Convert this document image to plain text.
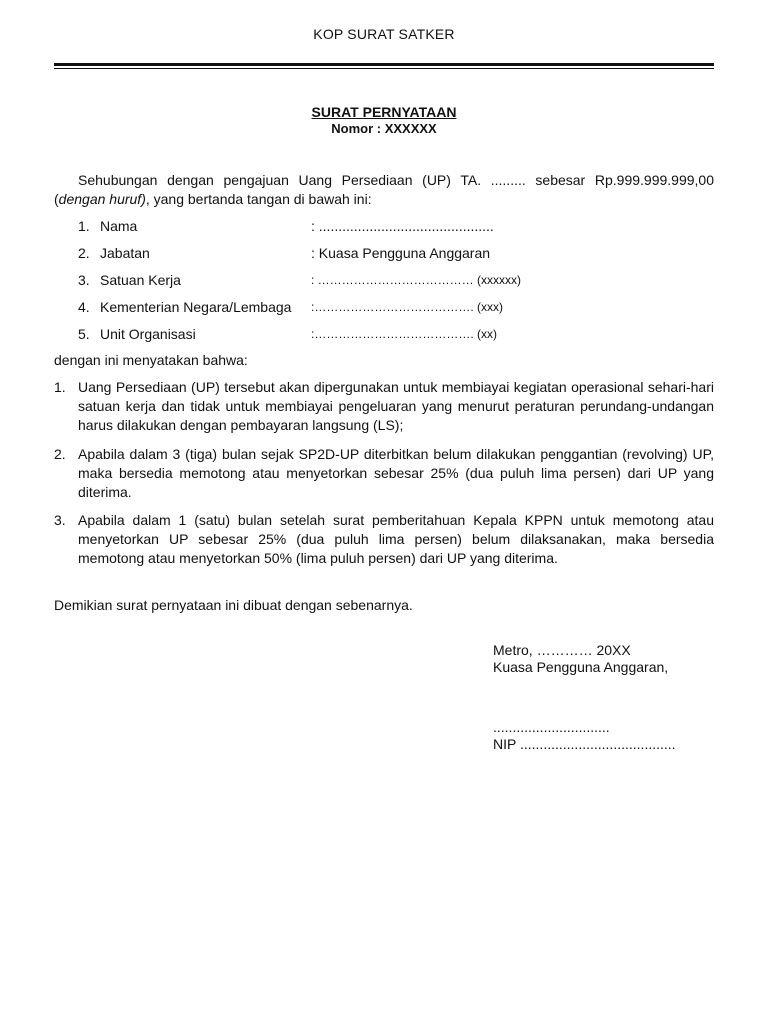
KOP SURAT SATKER
SURAT PERNYATAAN
Nomor : XXXXXX
Sehubungan dengan pengajuan Uang Persediaan (UP) TA. ......... sebesar Rp.999.999.999,00 (dengan huruf), yang bertanda tangan di bawah ini:
1. Nama	: .............................................
2. Jabatan	: Kuasa Pengguna Anggaran
3. Satuan Kerja	: ………………………………… (xxxxxx)
4. Kementerian Negara/Lembaga :…………………………………. (xxx)
5. Unit Organisasi	:…………………………………. (xx)
dengan ini menyatakan bahwa:
1. Uang Persediaan (UP) tersebut akan dipergunakan untuk membiayai kegiatan operasional sehari-hari satuan kerja dan tidak untuk membiayai pengeluaran yang menurut peraturan perundang-undangan harus dilakukan dengan pembayaran langsung (LS);
2. Apabila dalam 3 (tiga) bulan sejak SP2D-UP diterbitkan belum dilakukan penggantian (revolving) UP, maka bersedia memotong atau menyetorkan sebesar 25% (dua puluh lima persen) dari UP yang diterima.
3. Apabila dalam 1 (satu) bulan setelah surat pemberitahuan Kepala KPPN untuk memotong atau menyetorkan UP sebesar 25% (dua puluh lima persen) belum dilaksanakan, maka bersedia memotong atau menyetorkan 50% (lima puluh persen) dari UP yang diterima.
Demikian surat pernyataan ini dibuat dengan sebenarnya.
Metro, ………… 20XX
Kuasa Pengguna Anggaran,
..............................
NIP ........................................
